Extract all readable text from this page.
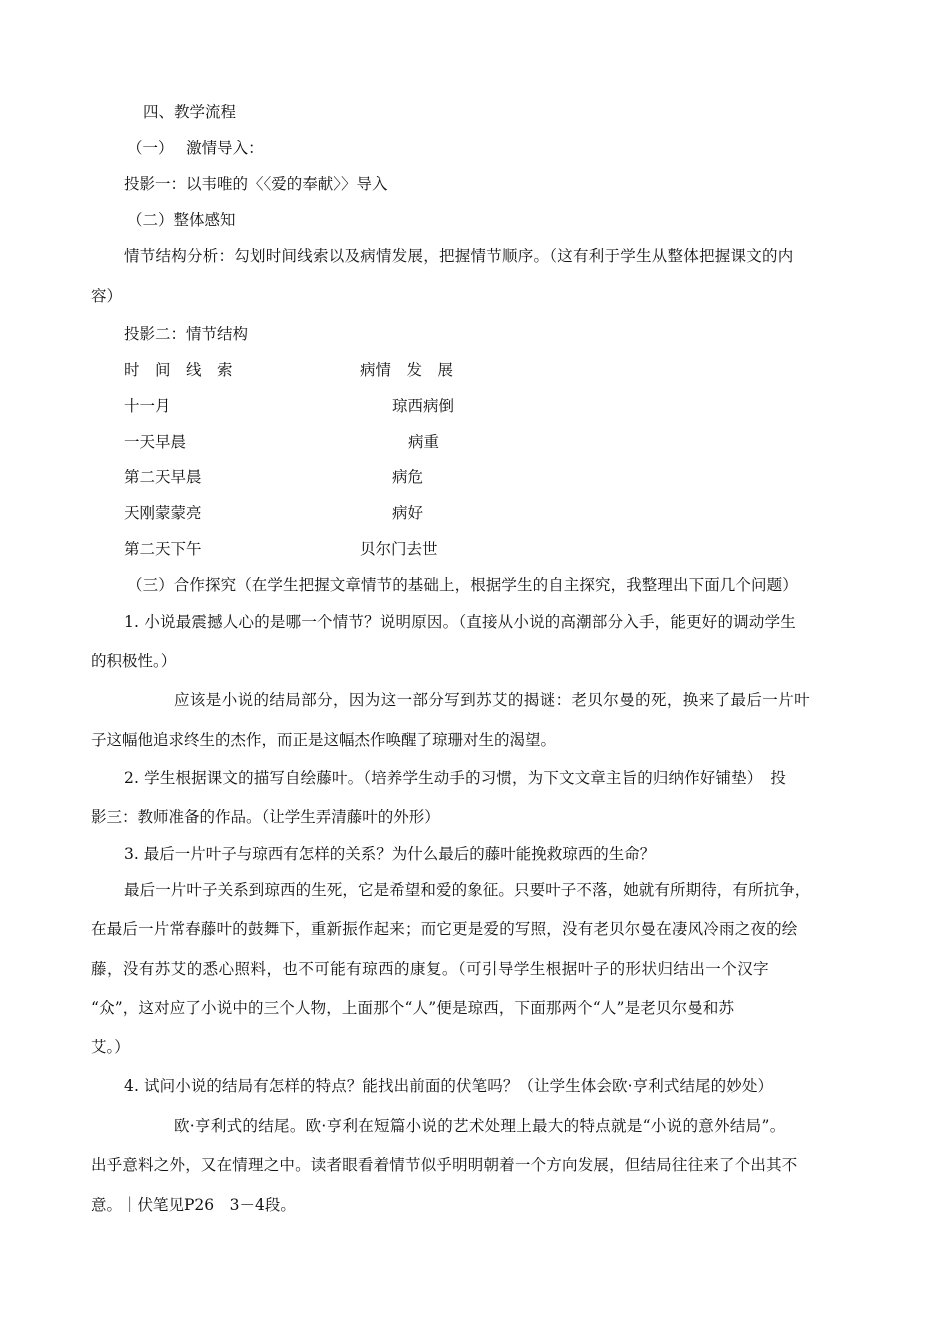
四、教学流程
（一）　 激情导入：
投影一：以韦唯的〈〈爱的奉献〉〉导入
（二）整体感知
情节结构分析：勾划时间线索以及病情发展，把握情节顺序。（这有利于学生从整体把握课文的内
容）
投影二：情节结构
时　间　线　索	病情　发　展
十一月	琼西病倒
一天早晨	病重
第二天早晨	病危
天刚蒙蒙亮	病好
第二天下午	贝尔门去世
（三）合作探究（在学生把握文章情节的基础上，根据学生的自主探究，我整理出下面几个问题）
1. 小说最震撼人心的是哪一个情节？说明原因。（直接从小说的高潮部分入手，能更好的调动学生
的积极性。）
应该是小说的结局部分，因为这一部分写到苏艾的揭谜：老贝尔曼的死，换来了最后一片叶
子这幅他追求终生的杰作，而正是这幅杰作唤醒了琼珊对生的渴望。
2. 学生根据课文的描写自绘藤叶。（培养学生动手的习惯，为下文文章主旨的归纳作好铺垫）　投
影三：教师准备的作品。（让学生弄清藤叶的外形）
3. 最后一片叶子与琼西有怎样的关系？为什么最后的藤叶能挽救琼西的生命？
最后一片叶子关系到琼西的生死，它是希望和爱的象征。只要叶子不落，她就有所期待，有所抗争，
在最后一片常春藤叶的鼓舞下，重新振作起来；而它更是爱的写照，没有老贝尔曼在凄风冷雨之夜的绘
藤，没有苏艾的悉心照料，也不可能有琼西的康复。（可引导学生根据叶子的形状归结出一个汉字
“众”，这对应了小说中的三个人物，上面那个“人”便是琼西，下面那两个“人”是老贝尔曼和苏
艾。）
4. 试问小说的结局有怎样的特点？能找出前面的伏笔吗？（让学生体会欧·亨利式结尾的妙处）
欧·亨利式的结尾。欧·亨利在短篇小说的艺术处理上最大的特点就是“小说的意外结局”。
出乎意料之外，又在情理之中。读者眼看着情节似乎明明朝着一个方向发展，但结局往往来了个出其不
意。｜伏笔见P26　3－4段。
